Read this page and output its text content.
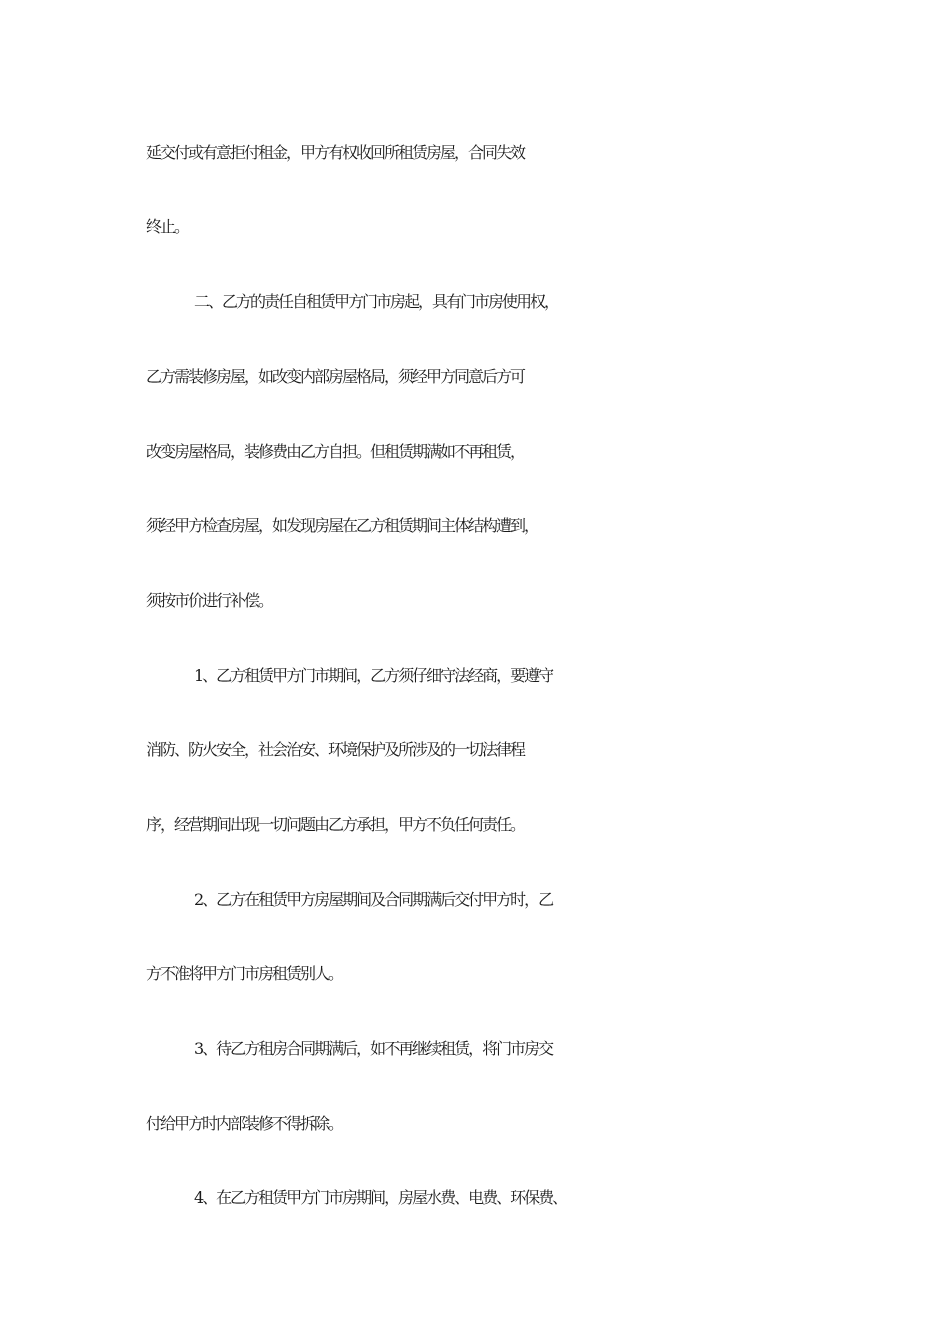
延交付或有意拒付租金，甲方有权收回所租赁房屋，合同失效
终止。
二、乙方的责任自租赁甲方门市房起，具有门市房使用权，
乙方需装修房屋，如改变内部房屋格局，须经甲方同意后方可
改变房屋格局，装修费由乙方自担。但租赁期满如不再租赁，
须经甲方检查房屋，如发现房屋在乙方租赁期间主体结构遭到，
须按市价进行补偿。
1、乙方租赁甲方门市期间，乙方须仔细守法经商，要遵守
消防、防火安全，社会治安、环境保护及所涉及的一切法律程
序，经营期间出现一切问题由乙方承担，甲方不负任何责任。
2、乙方在租赁甲方房屋期间及合同期满后交付甲方时，乙
方不准将甲方门市房租赁别人。
3、待乙方租房合同期满后，如不再继续租赁，将门市房交
付给甲方时内部装修不得拆除。
4、在乙方租赁甲方门市房期间，房屋水费、电费、环保费、
